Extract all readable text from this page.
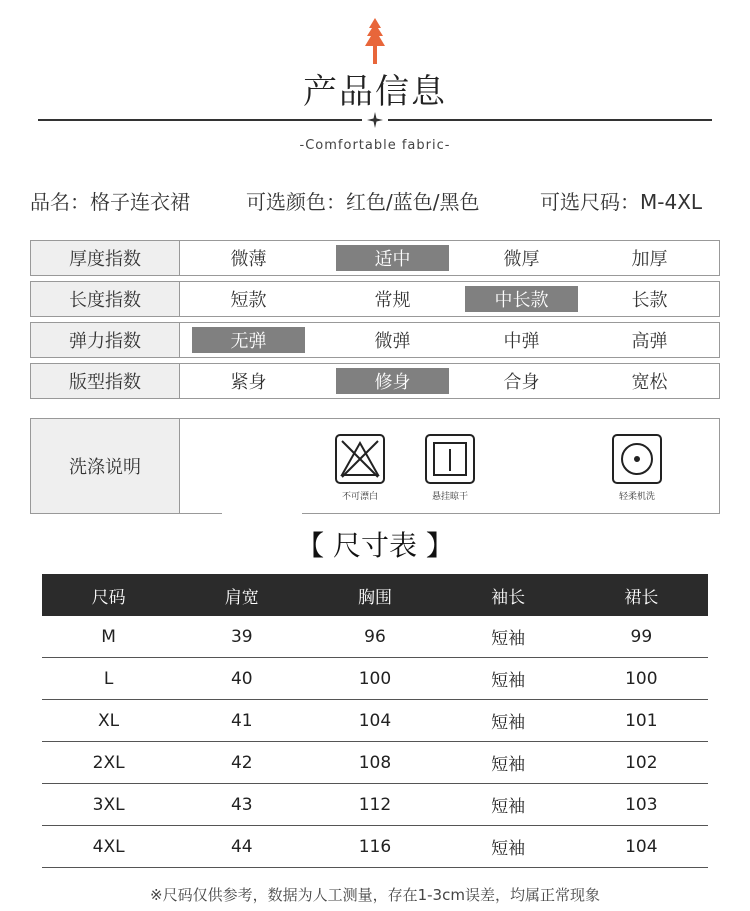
产品信息
-Comfortable fabric-
品名：格子连衣裙	可选颜色：红色/蓝色/黑色	可选尺码：M-4XL
厚度指数	微薄	适中	微厚	加厚
长度指数	短款	常规	中长款	长款
弹力指数	无弹	微弹	中弹	高弹
版型指数	紧身	修身	合身	宽松
洗涤说明
不可漂白	悬挂晾干	轻柔机洗
【 尺寸表 】
尺码	肩宽	胸围	袖长	裙长
M	39	96	短袖	99
L	40	100	短袖	100
XL	41	104	短袖	101
2XL	42	108	短袖	102
3XL	43	112	短袖	103
4XL	44	116	短袖	104
※尺码仅供参考，数据为人工测量，存在1-3cm误差，均属正常现象
